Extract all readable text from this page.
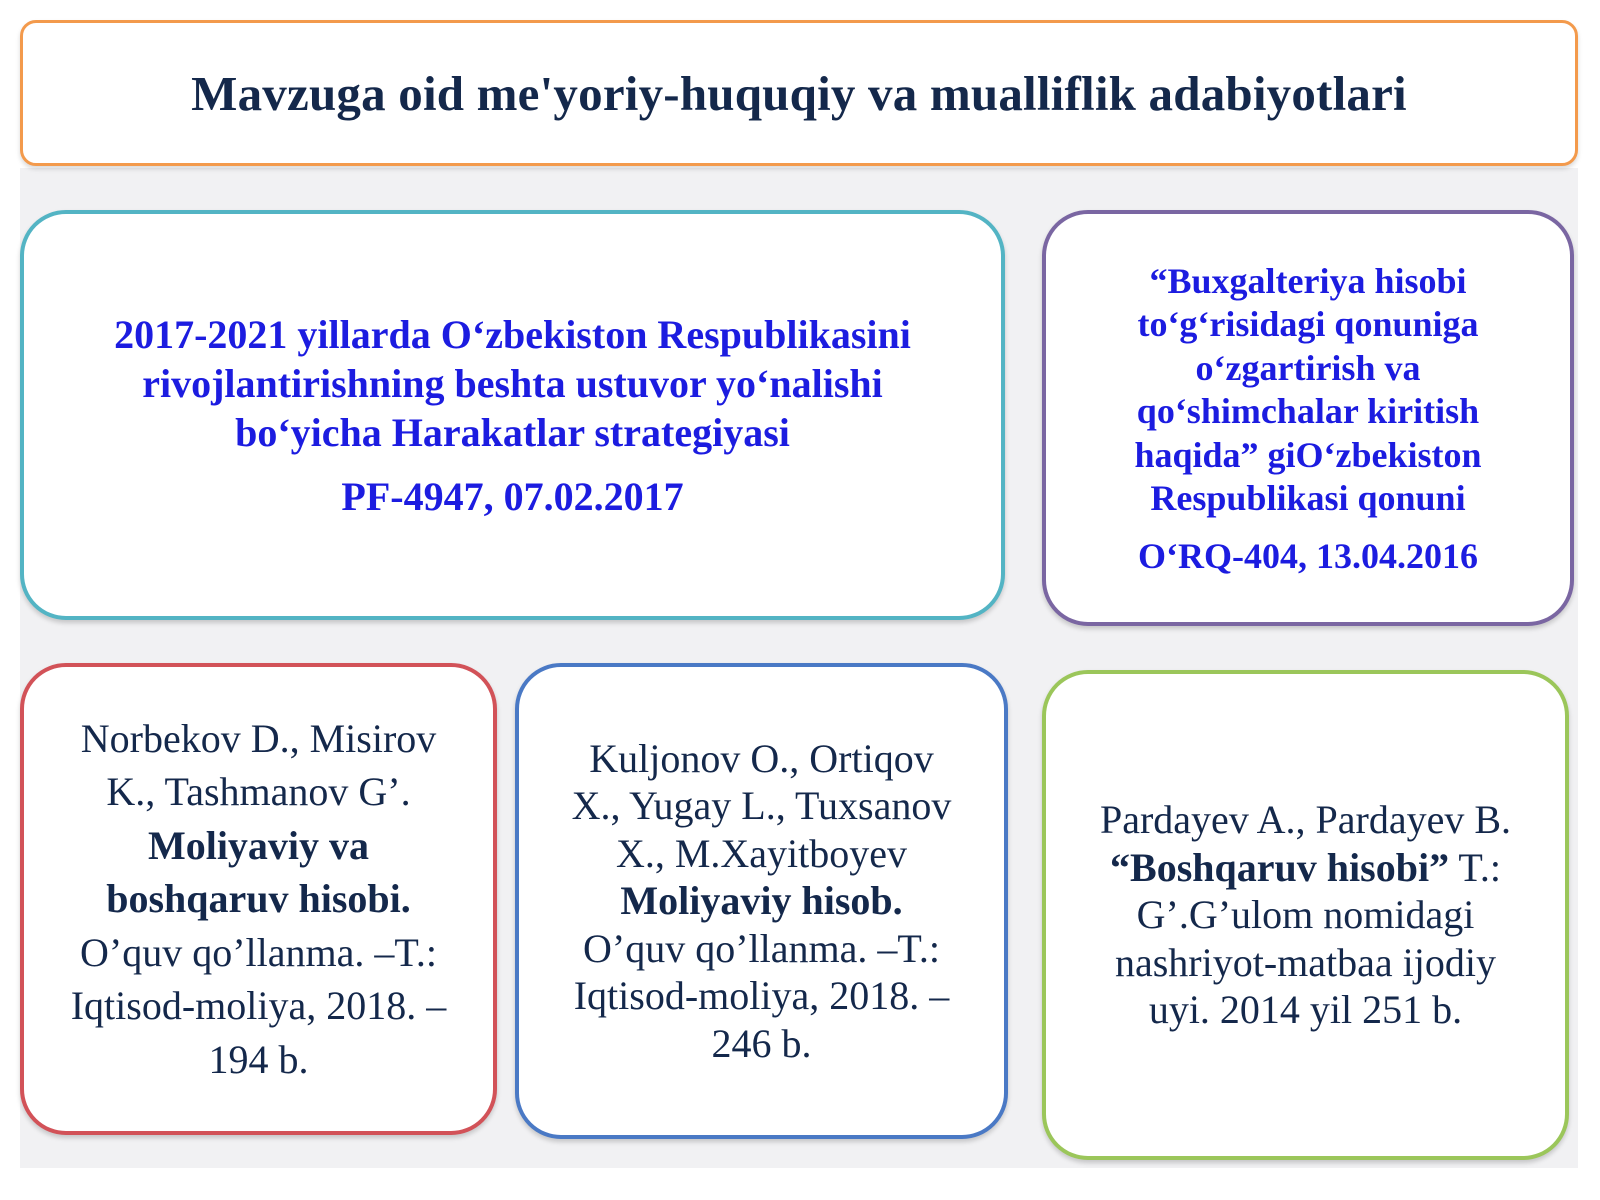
Mavzuga oid me'yoriy-huquqiy va mualliflik adabiyotlari
2017-2021 yillarda O‘zbekiston Respublikasini
rivojlantirishning beshta ustuvor yo‘nalishi
bo‘yicha Harakatlar strategiyasi
PF-4947, 07.02.2017
“Buxgalteriya hisobi
to‘g‘risidagi qonuniga
o‘zgartirish va
qo‘shimchalar kiritish
haqida” giO‘zbekiston
Respublikasi qonuni
O‘RQ-404, 13.04.2016
Norbekov D., Misirov
K., Tashmanov G’.
Moliyaviy va
boshqaruv hisobi.
O’quv qo’llanma. –T.:
Iqtisod-moliya, 2018. –
194 b.
Kuljonov O., Ortiqov
X., Yugay L., Tuxsanov
X., M.Xayitboyev
Moliyaviy hisob.
O’quv qo’llanma. –T.:
Iqtisod-moliya, 2018. –
246 b.
Pardayev A., Pardayev B.
“Boshqaruv hisobi” T.:
G’.G’ulom nomidagi
nashriyot-matbaa ijodiy
uyi. 2014 yil 251 b.
